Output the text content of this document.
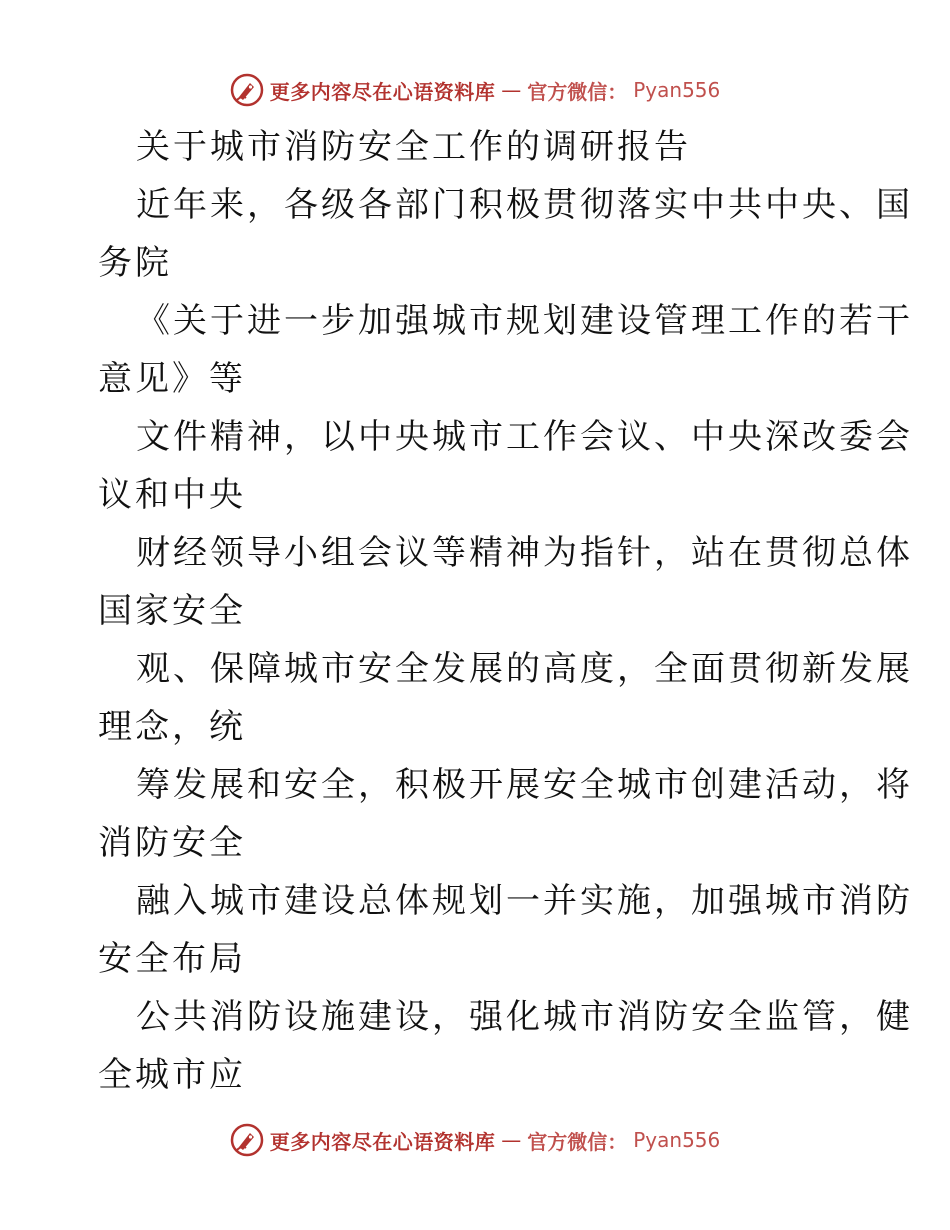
更多内容尽在心语资料库 — 官方微信： Pyan556
关于城市消防安全工作的调研报告
近年来，各级各部门积极贯彻落实中共中央、国
务院
《关于进一步加强城市规划建设管理工作的若干
意见》等
文件精神，以中央城市工作会议、中央深改委会
议和中央
财经领导小组会议等精神为指针，站在贯彻总体
国家安全
观、保障城市安全发展的高度，全面贯彻新发展
理念，统
筹发展和安全，积极开展安全城市创建活动，将
消防安全
融入城市建设总体规划一并实施，加强城市消防
安全布局
公共消防设施建设，强化城市消防安全监管，健
全城市应
更多内容尽在心语资料库 — 官方微信： Pyan556
